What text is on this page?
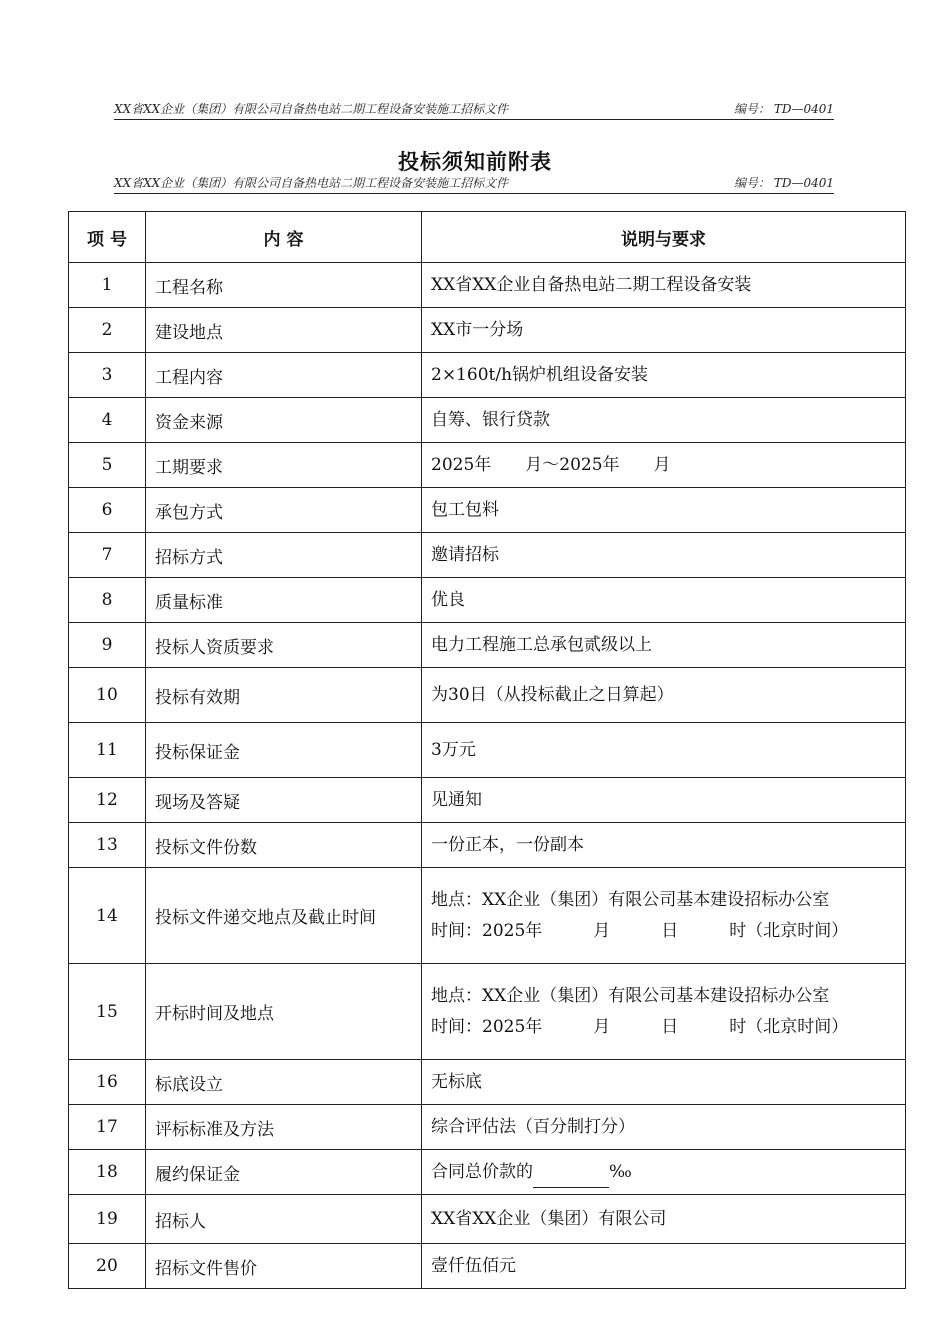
XX省XX企业（集团）有限公司自备热电站二期工程设备安装施工招标文件	编号： TD—0401
投标须知前附表
XX省XX企业（集团）有限公司自备热电站二期工程设备安装施工招标文件	编号： TD—0401
项 号	内 容	说明与要求
1	工程名称	XX省XX企业自备热电站二期工程设备安装
2	建设地点	XX市一分场
3	工程内容	2×160t/h锅炉机组设备安装
4	资金来源	自筹、银行贷款
5	工期要求	2025年　　月～2025年　　月
6	承包方式	包工包料
7	招标方式	邀请招标
8	质量标准	优良
9	投标人资质要求	电力工程施工总承包贰级以上
10	投标有效期	为30日（从投标截止之日算起）
11	投标保证金	3万元
12	现场及答疑	见通知
13	投标文件份数	一份正本，一份副本
14	投标文件递交地点及截止时间	地点：XX企业（集团）有限公司基本建设招标办公室
时间：2025年　　　月　　　日　　　时（北京时间）

15	开标时间及地点	地点：XX企业（集团）有限公司基本建设招标办公室
时间：2025年　　　月　　　日　　　时（北京时间）

16	标底设立	无标底
17	评标标准及方法	综合评估法（百分制打分）
18	履约保证金	合同总价款的 ‰
19	招标人	XX省XX企业（集团）有限公司
20	招标文件售价	壹仟伍佰元
